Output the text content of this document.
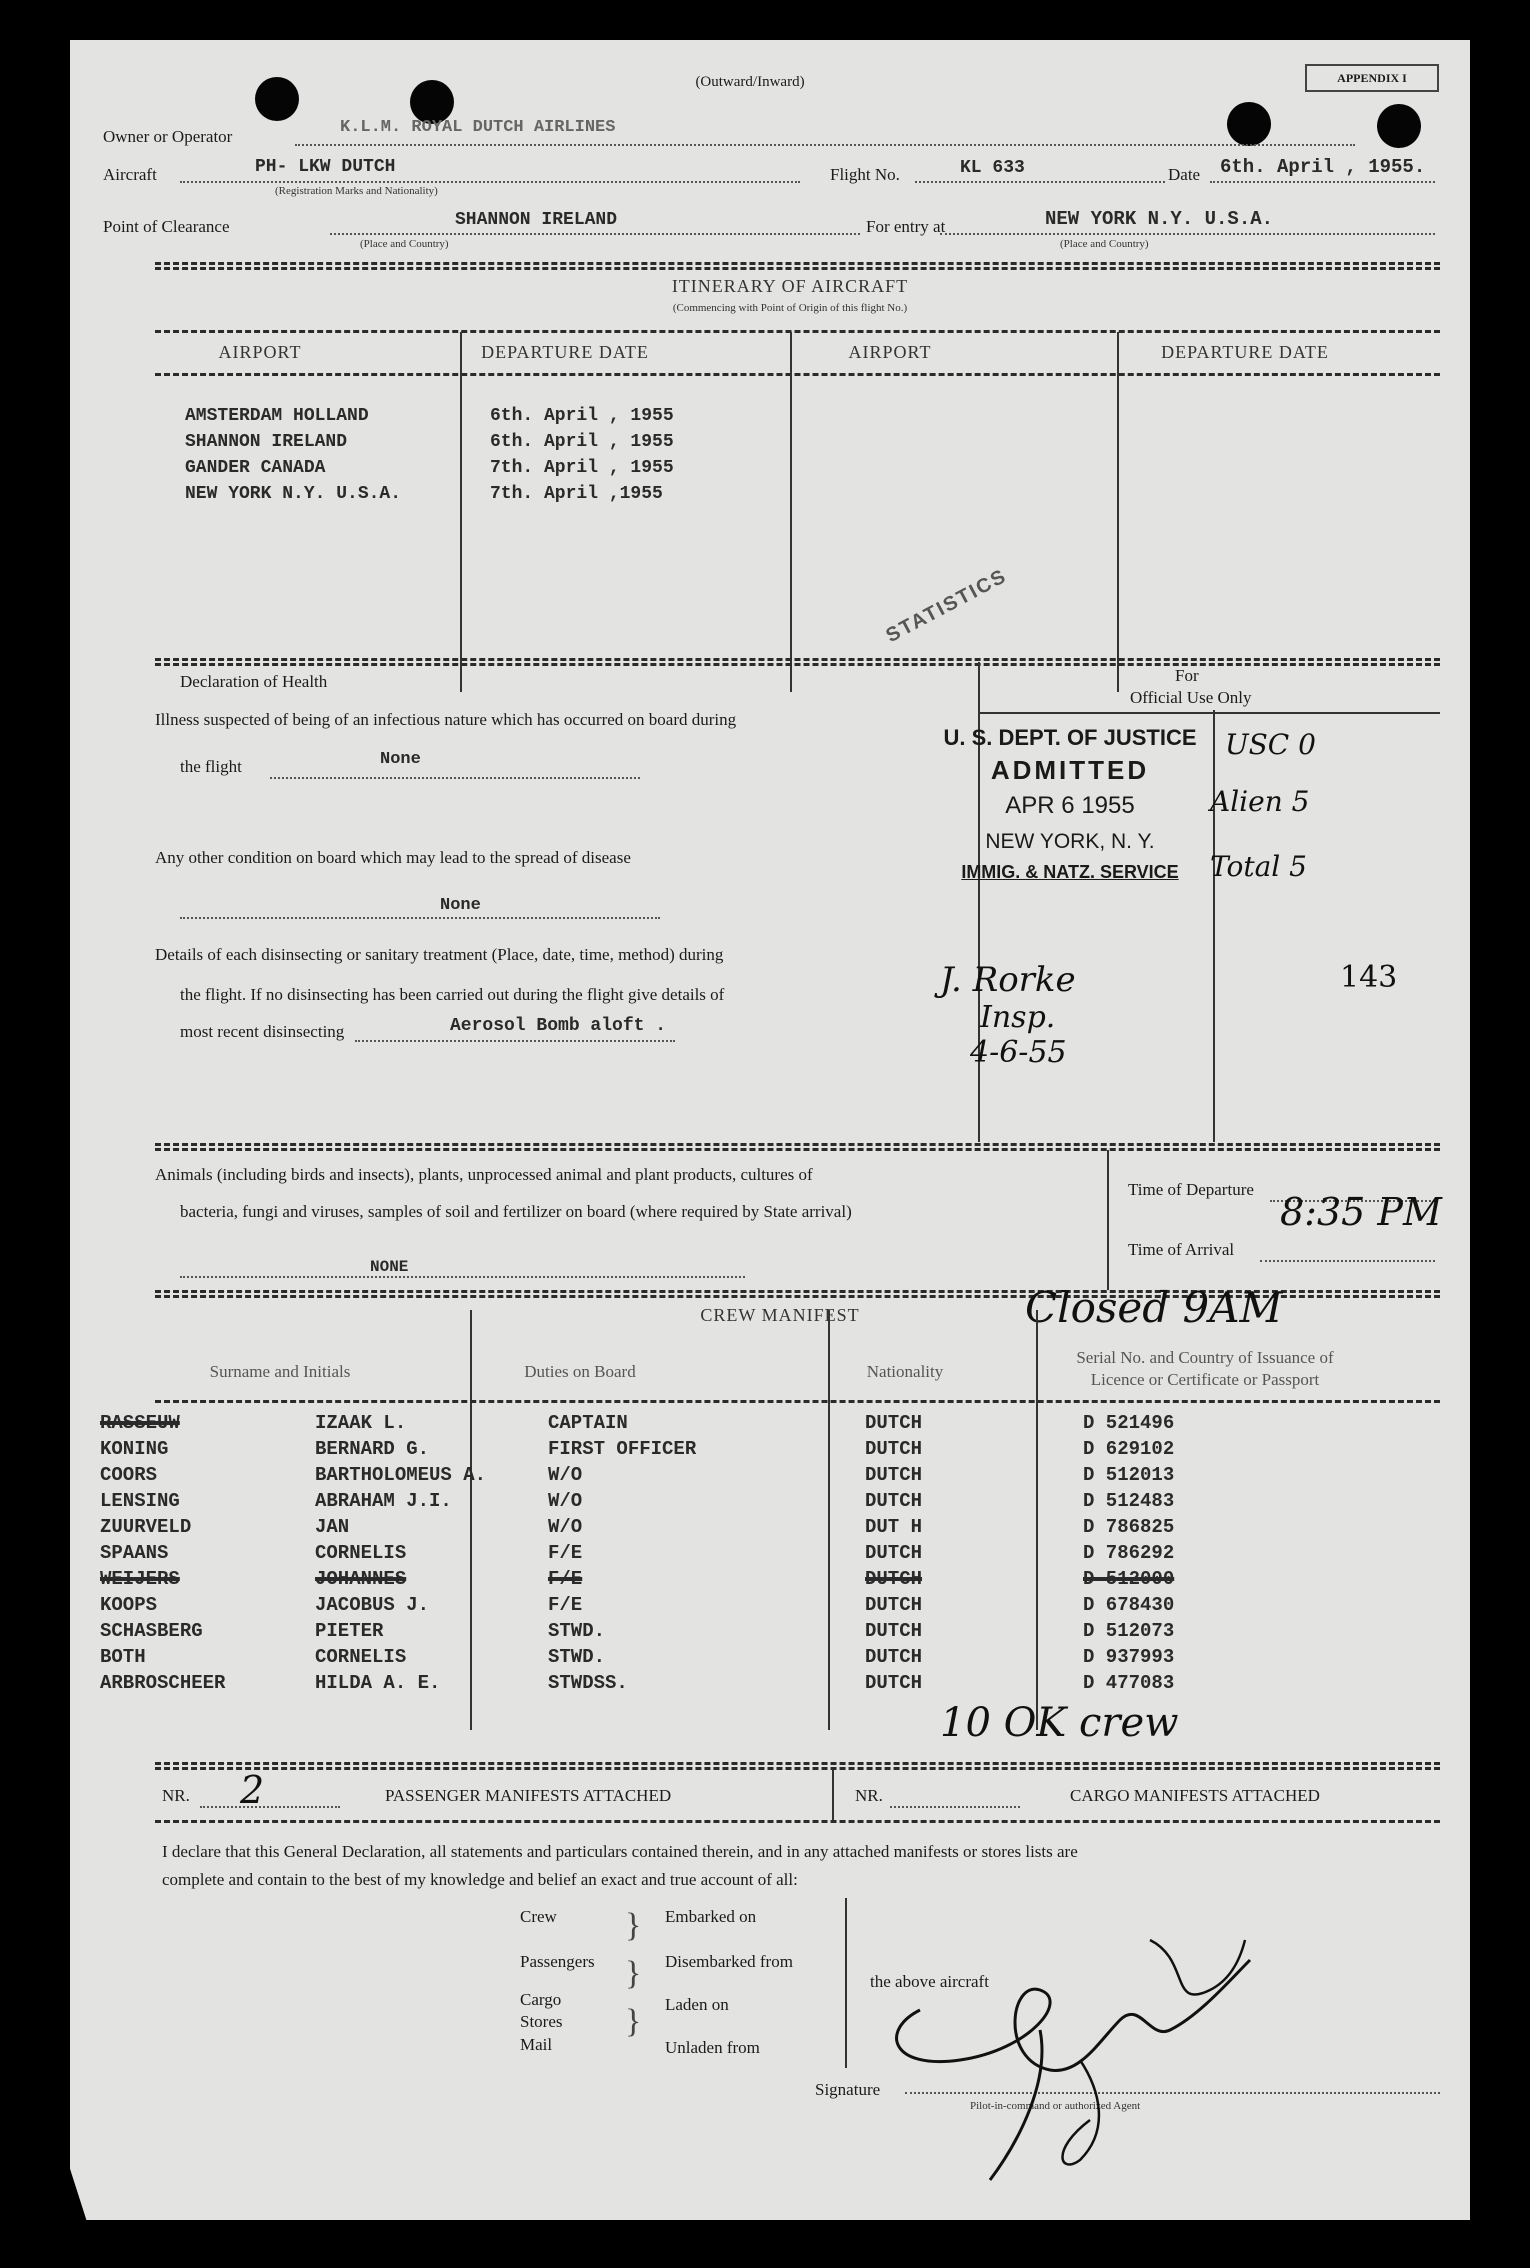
(Outward/Inward)	APPENDIX I
Owner or Operator	K.L.M. ROYAL DUTCH AIRLINES
Aircraft	PH- LKW DUTCH
(Registration Marks and Nationality)
Flight No.	KL 633	Date 6th. April , 1955.
Point of Clearance	SHANNON IRELAND
(Place and Country)
For entry at	NEW YORK N.Y. U.S.A.
(Place and Country)
ITINERARY OF AIRCRAFT
(Commencing with Point of Origin of this flight No.)
AIRPORT	DEPARTURE DATE	AIRPORT	DEPARTURE DATE
AMSTERDAM HOLLAND	6th. April , 1955
SHANNON IRELAND	6th. April , 1955
GANDER CANADA	7th. April , 1955
NEW YORK N.Y. U.S.A.	7th. April ,1955
STATISTICS
Declaration of Health
Illness suspected of being of an infectious nature which has occurred on board during
the flight	None
Any other condition on board which may lead to the spread of disease
None
Details of each disinsecting or sanitary treatment (Place, date, time, method) during
the flight. If no disinsecting has been carried out during the flight give details of
most recent disinsecting	Aerosol Bomb aloft .
For
Official Use Only
U. S. DEPT. OF JUSTICE
ADMITTED
APR 6 1955
NEW YORK, N. Y.
IMMIG. & NATZ. SERVICE
USC 0
Alien 5
Total 5
143
J. Rorke
Insp.
4-6-55
Animals (including birds and insects), plants, unprocessed animal and plant products, cultures of
bacteria, fungi and viruses, samples of soil and fertilizer on board (where required by State arrival)
NONE
Time of Departure
Time of Arrival
8:35 PM
CREW MANIFEST	Closed 9AM
Surname and Initials	Duties on Board	Nationality
Serial No. and Country of Issuance of Licence or Certificate or Passport
RASSEUW	IZAAK L.	CAPTAIN	DUTCH	D 521496
KONING	BERNARD G.	FIRST OFFICER	DUTCH	D 629102
COORS	BARTHOLOMEUS A.	W/O	DUTCH	D 512013
LENSING	ABRAHAM J.I.	W/O	DUTCH	D 512483
ZUURVELD	JAN	W/O	DUT H	D 786825
SPAANS	CORNELIS	F/E	DUTCH	D 786292
WEIJERS	JOHANNES	F/E	DUTCH	D 512000
KOOPS	JACOBUS J.	F/E	DUTCH	D 678430
SCHASBERG	PIETER	STWD.	DUTCH	D 512073
BOTH	CORNELIS	STWD.	DUTCH	D 937993
ARBROSCHEER	HILDA A. E.	STWDSS.	DUTCH	D 477083
10 OK crew
NR. 2	PASSENGER MANIFESTS ATTACHED	NR.	CARGO MANIFESTS ATTACHED
I declare that this General Declaration, all statements and particulars contained therein, and in any attached manifests or stores lists are
complete and contain to the best of my knowledge and belief an exact and true account of all:
Crew
Passengers
Cargo
Stores
Mail
}
}
}
Embarked on
Disembarked from
Laden on
Unladen from
the above aircraft
Signature
Pilot-in-command or authorized Agent
